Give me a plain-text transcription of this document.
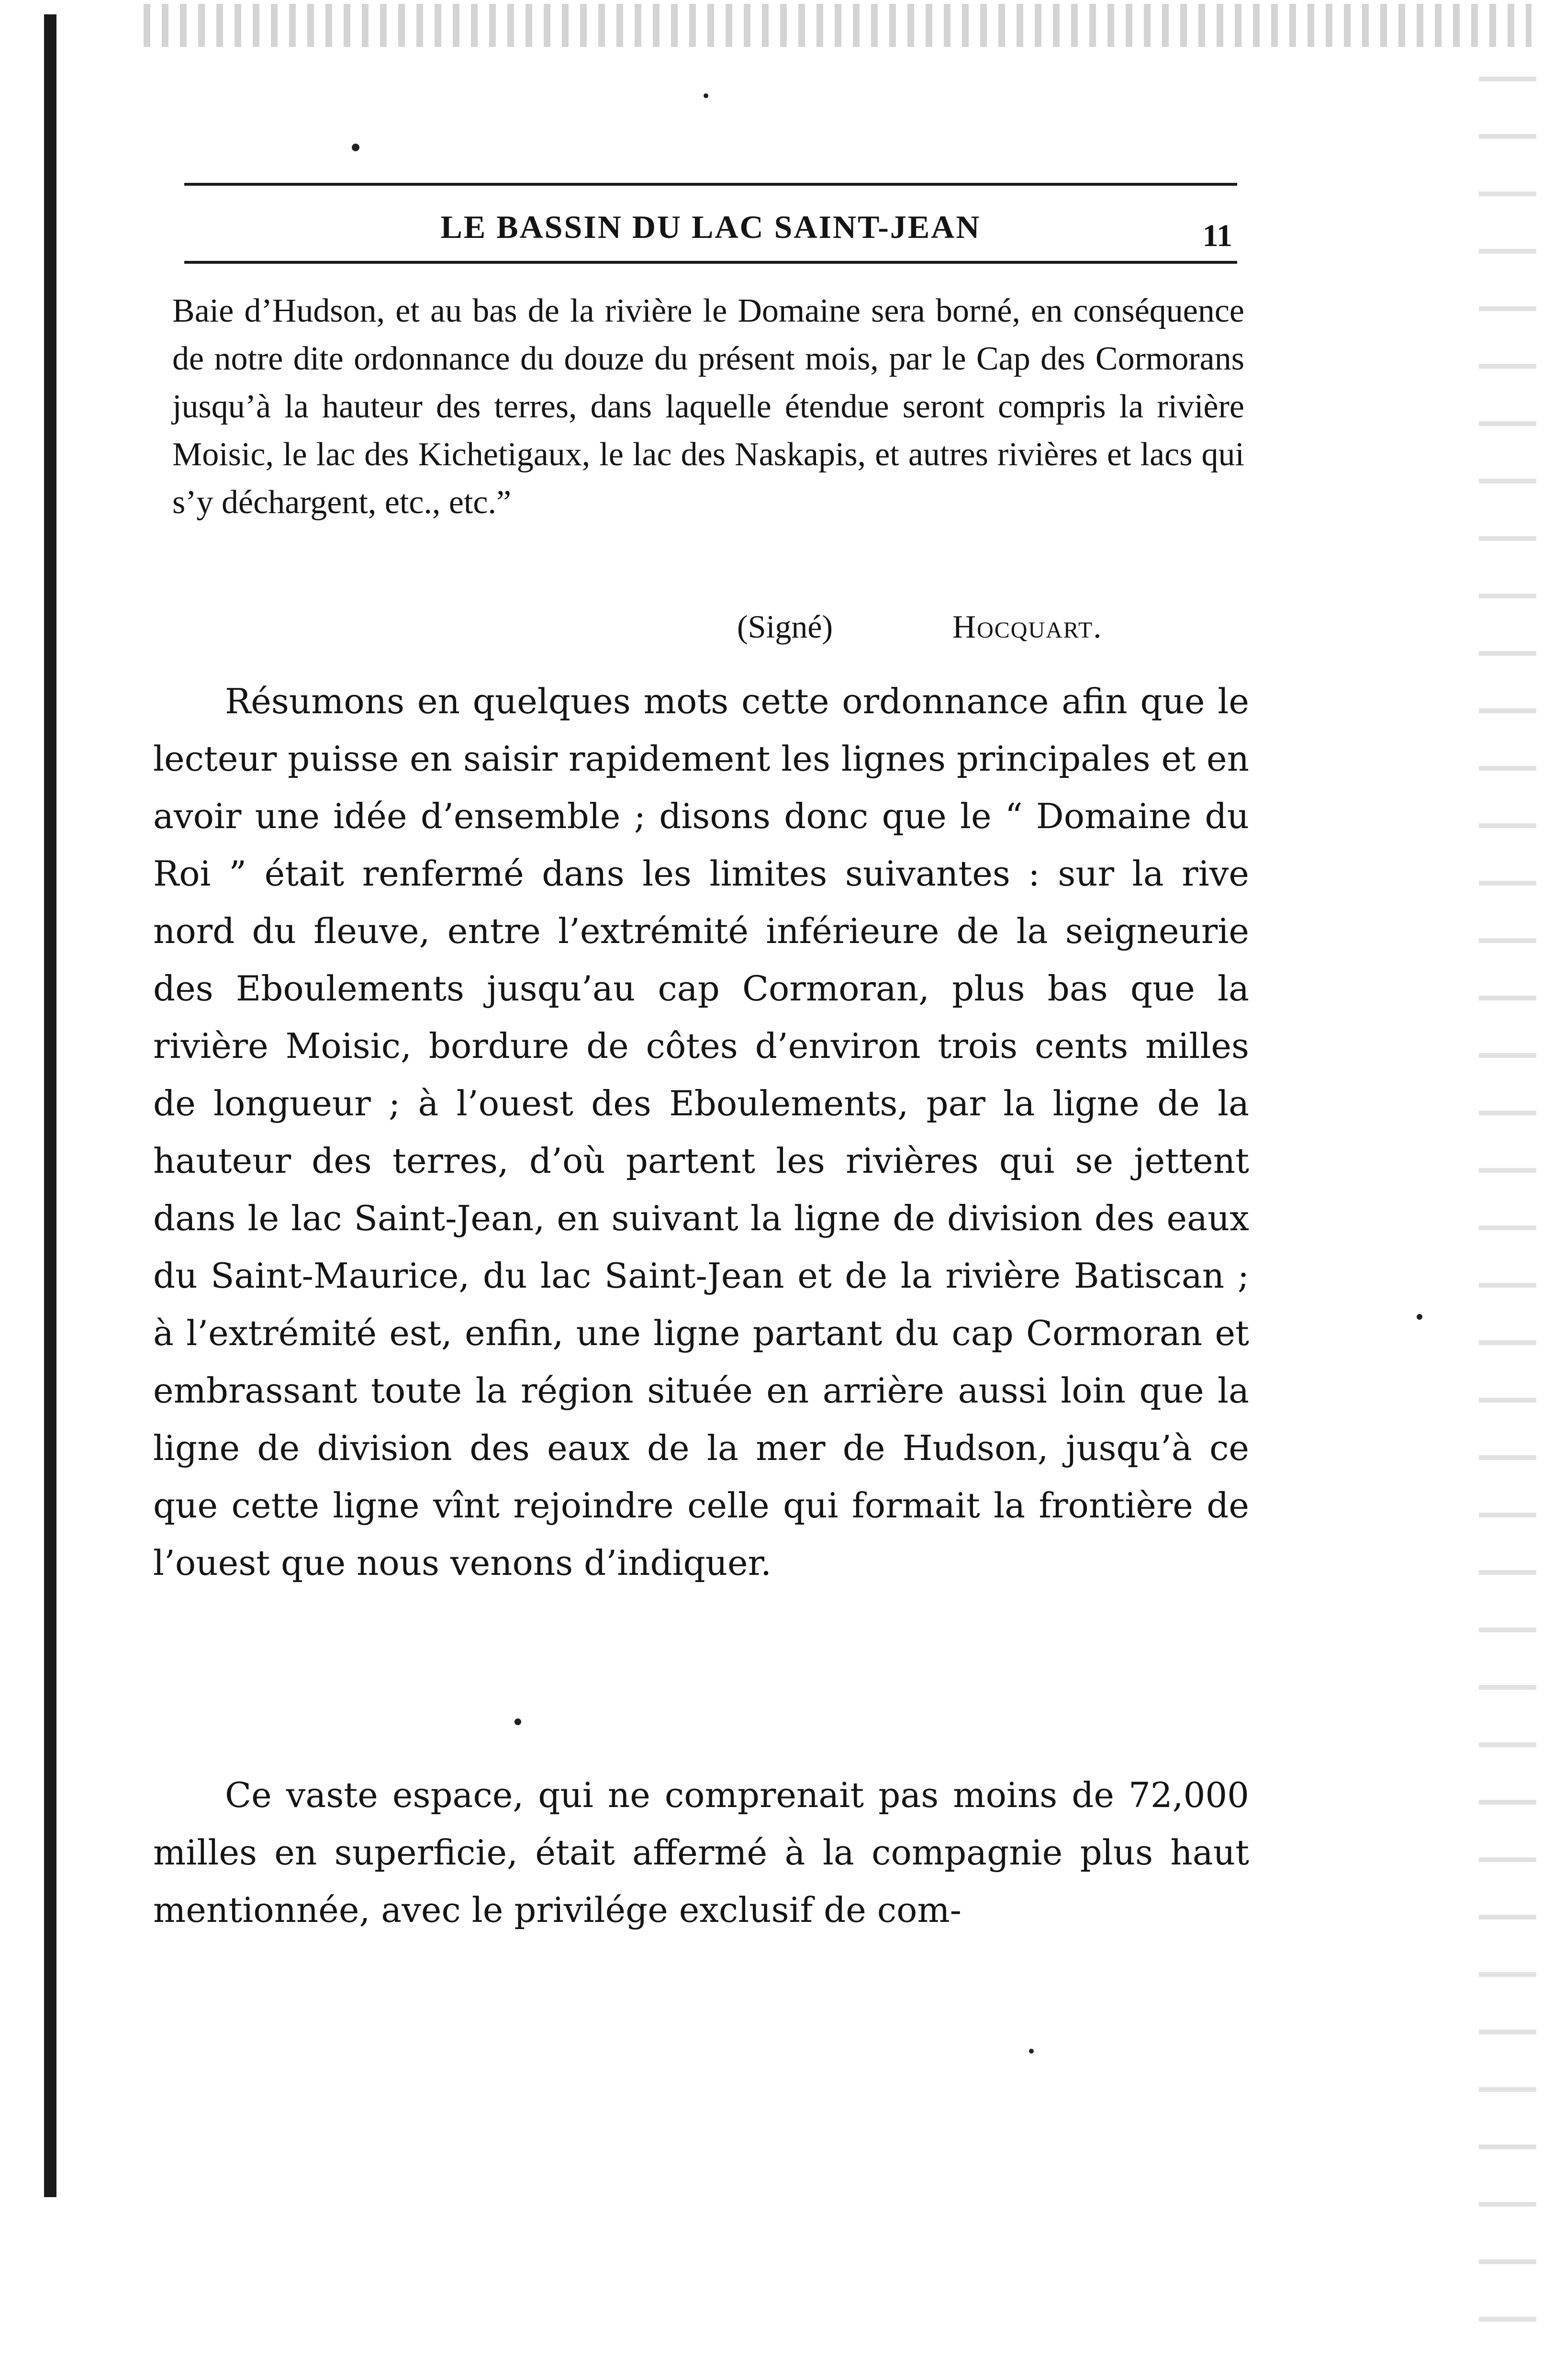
LE BASSIN DU LAC SAINT-JEAN	11

Baie d’Hudson, et au bas de la rivière le Domaine sera borné, en conséquence de notre dite ordonnance du douze du présent mois, par le Cap des Cormorans jusqu’à la hauteur des terres, dans laquelle étendue seront compris la rivière Moisic, le lac des Kichetigaux, le lac des Naskapis, et autres rivières et lacs qui s’y déchargent, etc., etc.”

(Signé)	Hocquart.

Résumons en quelques mots cette ordonnance afin que le lecteur puisse en saisir rapidement les lignes principales et en avoir une idée d’ensemble ; disons donc que le “ Domaine du Roi ” était renfermé dans les limites suivantes : sur la rive nord du fleuve, entre l’extrémité inférieure de la seigneurie des Eboulements jusqu’au cap Cormoran, plus bas que la rivière Moisic, bordure de côtes d’environ trois cents milles de longueur ; à l’ouest des Eboulements, par la ligne de la hauteur des terres, d’où partent les rivières qui se jettent dans le lac Saint-Jean, en suivant la ligne de division des eaux du Saint-Maurice, du lac Saint-Jean et de la rivière Batiscan ; à l’extrémité est, enfin, une ligne partant du cap Cormoran et embrassant toute la région située en arrière aussi loin que la ligne de division des eaux de la mer de Hudson, jusqu’à ce que cette ligne vînt rejoindre celle qui formait la frontière de l’ouest que nous venons d’indiquer.

Ce vaste espace, qui ne comprenait pas moins de 72,000 milles en superficie, était affermé à la compagnie plus haut mentionnée, avec le privilége exclusif de com-
